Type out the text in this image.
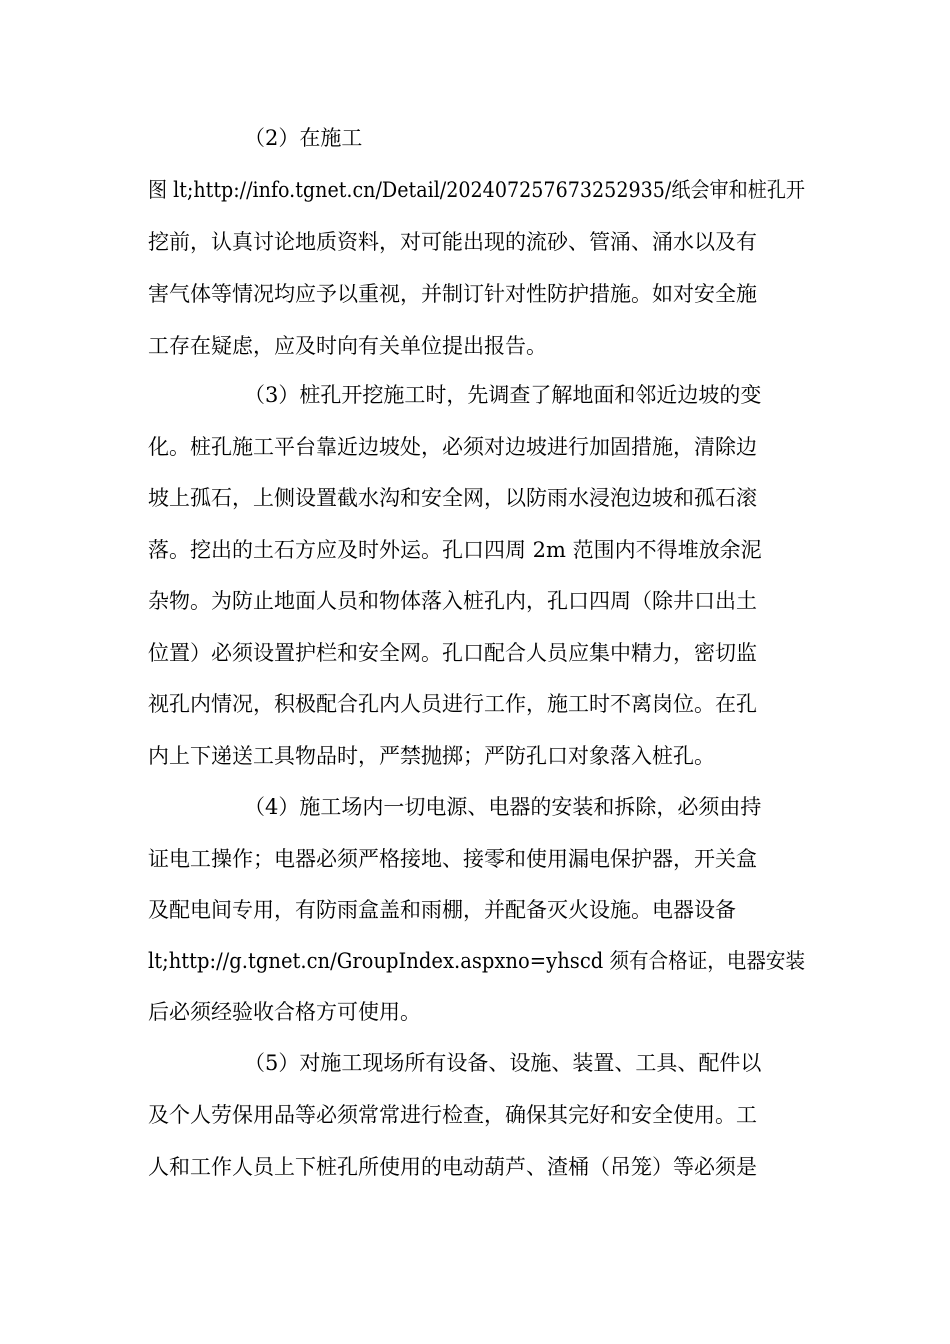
（2）在施工
图 lt;http://info.tgnet.cn/Detail/202407257673252935/纸会审和桩孔开
挖前，认真讨论地质资料，对可能出现的流砂、管涌、涌水以及有
害气体等情况均应予以重视，并制订针对性防护措施。如对安全施
工存在疑虑，应及时向有关单位提出报告。
（3）桩孔开挖施工时，先调查了解地面和邻近边坡的变
化。桩孔施工平台靠近边坡处，必须对边坡进行加固措施，清除边
坡上孤石，上侧设置截水沟和安全网，以防雨水浸泡边坡和孤石滚
落。挖出的土石方应及时外运。孔口四周 2m 范围内不得堆放余泥
杂物。为防止地面人员和物体落入桩孔内，孔口四周（除井口出土
位置）必须设置护栏和安全网。孔口配合人员应集中精力，密切监
视孔内情况，积极配合孔内人员进行工作，施工时不离岗位。在孔
内上下递送工具物品时，严禁抛掷；严防孔口对象落入桩孔。
（4）施工场内一切电源、电器的安装和拆除，必须由持
证电工操作；电器必须严格接地、接零和使用漏电保护器，开关盒
及配电间专用，有防雨盒盖和雨棚，并配备灭火设施。电器设备
lt;http://g.tgnet.cn/GroupIndex.aspxno=yhscd 须有合格证，电器安装
后必须经验收合格方可使用。
（5）对施工现场所有设备、设施、装置、工具、配件以
及个人劳保用品等必须常常进行检查，确保其完好和安全使用。工
人和工作人员上下桩孔所使用的电动葫芦、渣桶（吊笼）等必须是
